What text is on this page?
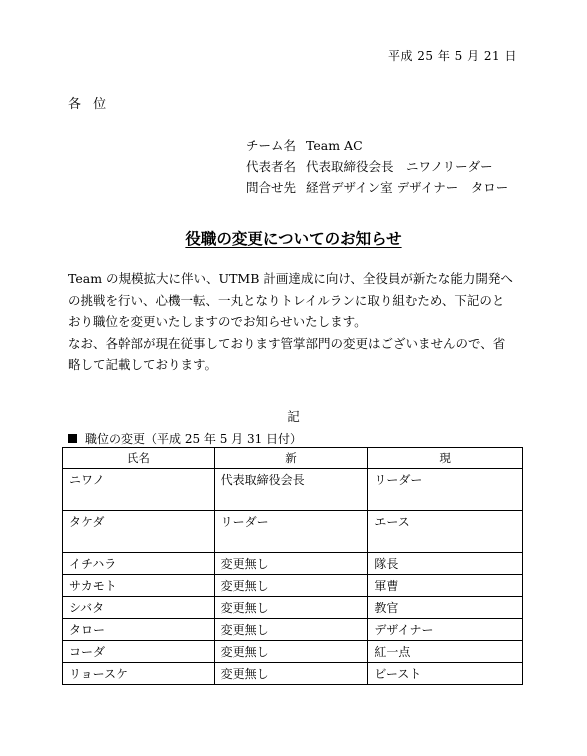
平成 25 年 5 月 21 日
各 位
チーム名 Team AC
代表者名 代表取締役会長　ニワノリーダー
問合せ先 経営デザイン室 デザイナー　タロー
役職の変更についてのお知らせ

Team の規模拡大に伴い、UTMB 計画達成に向け、全役員が新たな能力開発へ

の挑戦を行い、心機一転、一丸となりトレイルランに取り組むため、下記のと

おり職位を変更いたしますのでお知らせいたします。

なお、各幹部が現在従事しております管掌部門の変更はございませんので、省

略して記載しております。

記
職位の変更（平成 25 年 5 月 31 日付）
氏名	新	現
ニワノ	代表取締役会長	リーダー
タケダ	リーダー	エース
イチハラ	変更無し	隊長
サカモト	変更無し	軍曹
シバタ	変更無し	教官
タロー	変更無し	デザイナー
コーダ	変更無し	紅一点
リョースケ	変更無し	ビースト
